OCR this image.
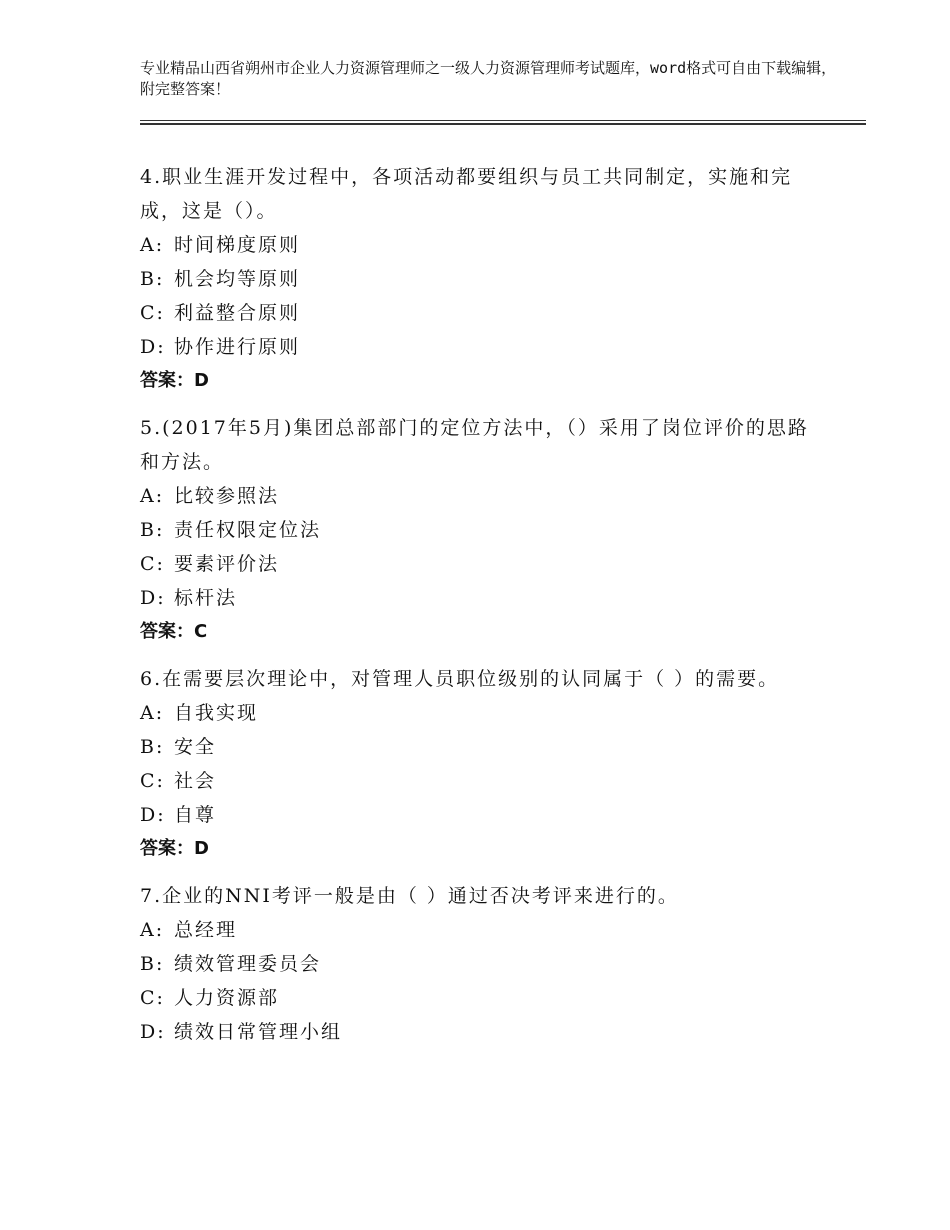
专业精品山西省朔州市企业人力资源管理师之一级人力资源管理师考试题库，word格式可自由下载编辑，附完整答案！

4.职业生涯开发过程中，各项活动都要组织与员工共同制定，实施和完成，这是（）。

A: 时间梯度原则
B: 机会均等原则
C: 利益整合原则
D: 协作进行原则

答案：D

5.(2017年5月)集团总部部门的定位方法中，（）采用了岗位评价的思路和方法。

A: 比较参照法
B: 责任权限定位法
C: 要素评价法
D: 标杆法

答案：C

6.在需要层次理论中，对管理人员职位级别的认同属于（ ）的需要。

A: 自我实现
B: 安全
C: 社会
D: 自尊

答案：D

7.企业的NNI考评一般是由（ ）通过否决考评来进行的。

A: 总经理
B: 绩效管理委员会
C: 人力资源部
D: 绩效日常管理小组
